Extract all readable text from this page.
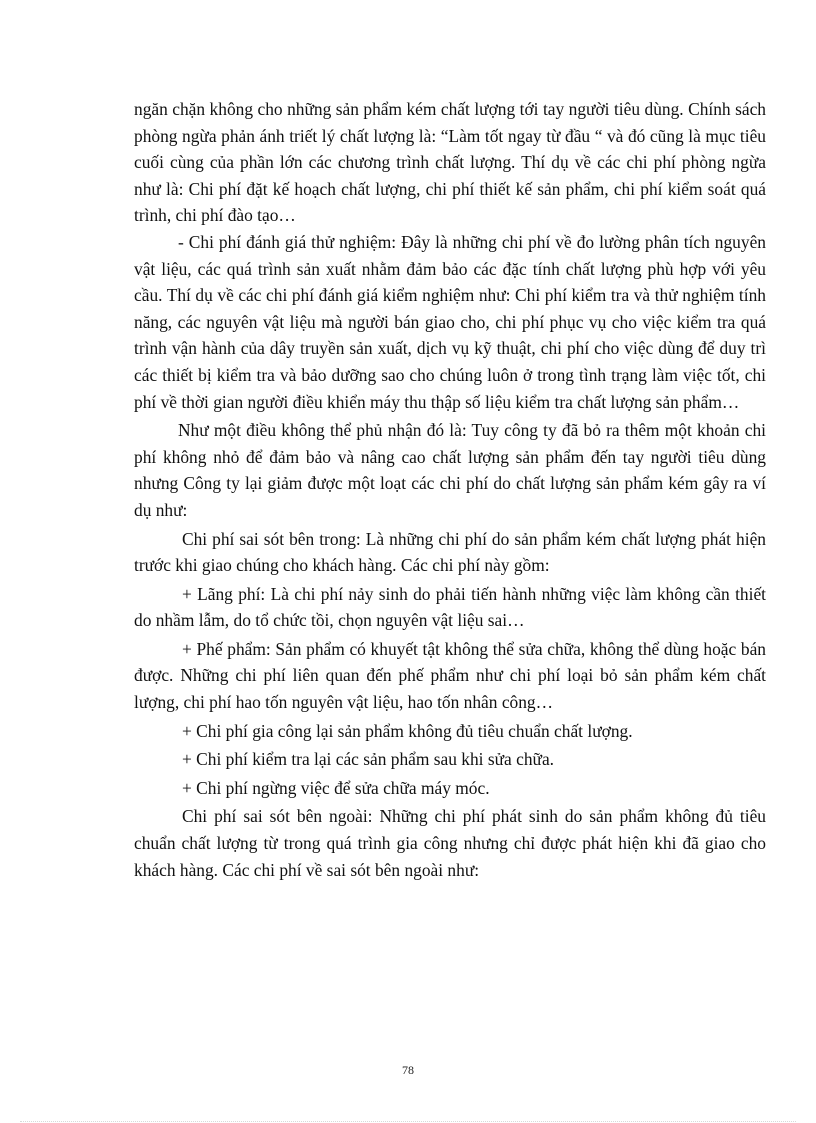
ngăn chặn không cho những sản phẩm kém chất lượng tới tay người tiêu dùng. Chính sách phòng ngừa phản ánh triết lý chất lượng là: “Làm tốt ngay từ đầu “ và đó cũng là mục tiêu cuối cùng của phần lớn các chương trình chất lượng. Thí dụ về các chi phí phòng ngừa như là: Chi phí đặt kế hoạch chất lượng, chi phí thiết kế sản phẩm, chi phí kiểm soát quá trình, chi phí đào tạo…

- Chi phí đánh giá thử nghiệm: Đây là những chi phí về đo lường phân tích nguyên vật liệu, các quá trình sản xuất nhằm đảm bảo các đặc tính chất lượng phù hợp với yêu cầu. Thí dụ về các chi phí đánh giá kiểm nghiệm như: Chi phí kiểm tra và thử nghiệm tính năng, các nguyên vật liệu mà người bán giao cho, chi phí phục vụ cho việc kiểm tra quá trình vận hành của dây truyền sản xuất, dịch vụ kỹ thuật, chi phí cho việc dùng để duy trì các thiết bị kiểm tra và bảo dưỡng sao cho chúng luôn ở trong tình trạng làm việc tốt, chi phí về thời gian người điều khiển máy thu thập số liệu kiểm tra chất lượng sản phẩm…

Như một điều không thể phủ nhận đó là: Tuy công ty đã bỏ ra thêm một khoản chi phí không nhỏ để đảm bảo và nâng cao chất lượng sản phẩm đến tay người tiêu dùng nhưng Công ty lại giảm được một loạt các chi phí do chất lượng sản phẩm kém gây ra ví dụ như:

Chi phí sai sót bên trong: Là những chi phí do sản phẩm kém chất lượng phát hiện trước khi giao chúng cho khách hàng. Các chi phí này gồm:

+ Lãng phí: Là chi phí nảy sinh do phải tiến hành những việc làm không cần thiết do nhầm lẫm, do tổ chức tồi, chọn nguyên vật liệu sai…

+ Phế phẩm: Sản phẩm có khuyết tật không thể sửa chữa, không thể dùng hoặc bán được. Những chi phí liên quan đến phế phẩm như chi phí loại bỏ sản phẩm kém chất lượng, chi phí hao tốn nguyên vật liệu, hao tốn nhân công…

+ Chi phí gia công lại sản phẩm không đủ tiêu chuẩn chất lượng.

+ Chi phí kiểm tra lại các sản phẩm sau khi sửa chữa.

+ Chi phí ngừng việc để sửa chữa máy móc.

Chi phí sai sót bên ngoài: Những chi phí phát sinh do sản phẩm không đủ tiêu chuẩn chất lượng từ trong quá trình gia công nhưng chỉ được phát hiện khi đã giao cho khách hàng. Các chi phí về sai sót bên ngoài như:

78
